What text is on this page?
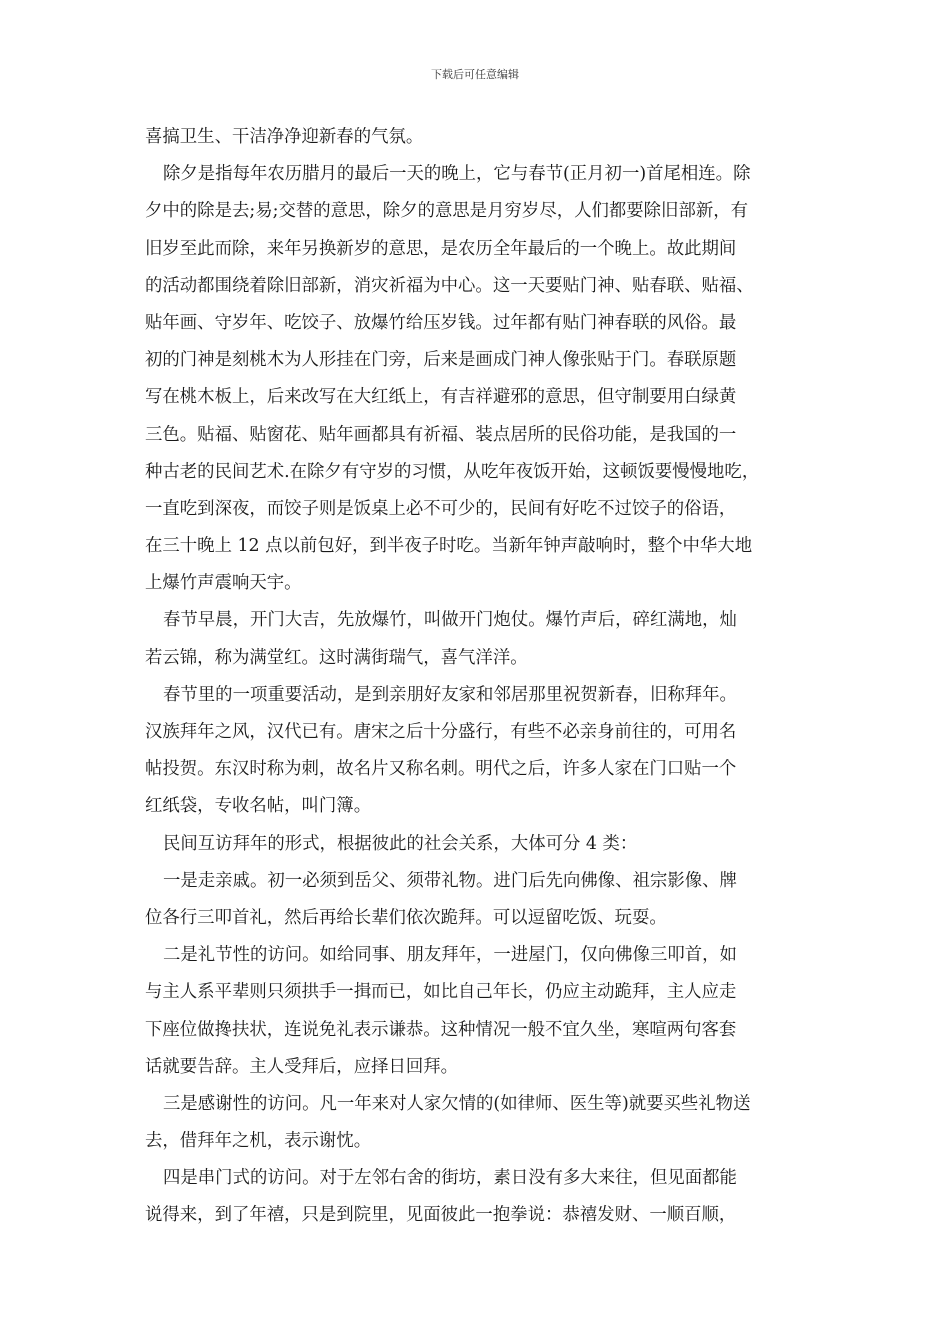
下载后可任意编辑
喜搞卫生、干洁净净迎新春的气氛。
除夕是指每年农历腊月的最后一天的晚上，它与春节(正月初一)首尾相连。除
夕中的除是去;易;交替的意思，除夕的意思是月穷岁尽，人们都要除旧部新，有
旧岁至此而除，来年另换新岁的意思，是农历全年最后的一个晚上。故此期间
的活动都围绕着除旧部新，消灾祈福为中心。这一天要贴门神、贴春联、贴福、
贴年画、守岁年、吃饺子、放爆竹给压岁钱。过年都有贴门神春联的风俗。最
初的门神是刻桃木为人形挂在门旁，后来是画成门神人像张贴于门。春联原题
写在桃木板上，后来改写在大红纸上，有吉祥避邪的意思，但守制要用白绿黄
三色。贴福、贴窗花、贴年画都具有祈福、装点居所的民俗功能，是我国的一
种古老的民间艺术.在除夕有守岁的习惯，从吃年夜饭开始，这顿饭要慢慢地吃，
一直吃到深夜，而饺子则是饭桌上必不可少的，民间有好吃不过饺子的俗语，
在三十晚上 12 点以前包好，到半夜子时吃。当新年钟声敲响时，整个中华大地
上爆竹声震响天宇。
春节早晨，开门大吉，先放爆竹，叫做开门炮仗。爆竹声后，碎红满地，灿
若云锦，称为满堂红。这时满街瑞气，喜气洋洋。
春节里的一项重要活动，是到亲朋好友家和邻居那里祝贺新春，旧称拜年。
汉族拜年之风，汉代已有。唐宋之后十分盛行，有些不必亲身前往的，可用名
帖投贺。东汉时称为刺，故名片又称名刺。明代之后，许多人家在门口贴一个
红纸袋，专收名帖，叫门簿。
民间互访拜年的形式，根据彼此的社会关系，大体可分 4 类：
一是走亲戚。初一必须到岳父、须带礼物。进门后先向佛像、祖宗影像、牌
位各行三叩首礼，然后再给长辈们依次跪拜。可以逗留吃饭、玩耍。
二是礼节性的访问。如给同事、朋友拜年，一进屋门，仅向佛像三叩首，如
与主人系平辈则只须拱手一揖而已，如比自己年长，仍应主动跪拜，主人应走
下座位做搀扶状，连说免礼表示谦恭。这种情况一般不宜久坐，寒喧两句客套
话就要告辞。主人受拜后，应择日回拜。
三是感谢性的访问。凡一年来对人家欠情的(如律师、医生等)就要买些礼物送
去，借拜年之机，表示谢忱。
四是串门式的访问。对于左邻右舍的街坊，素日没有多大来往，但见面都能
说得来，到了年禧，只是到院里，见面彼此一抱拳说：恭禧发财、一顺百顺，
